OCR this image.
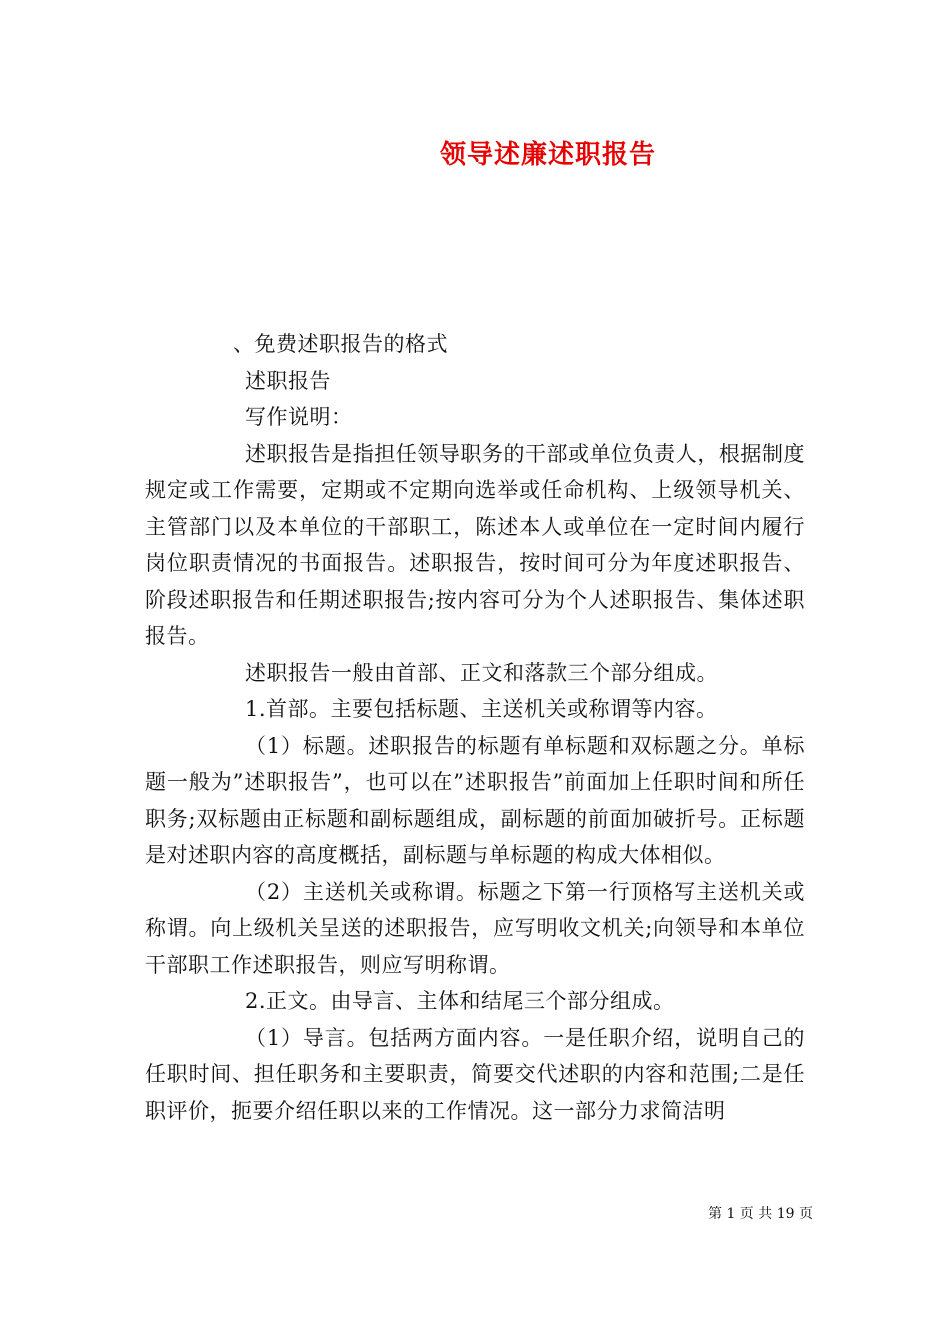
领导述廉述职报告

、免费述职报告的格式

述职报告

写作说明：

述职报告是指担任领导职务的干部或单位负责人，根据制度规定或工作需要，定期或不定期向选举或任命机构、上级领导机关、主管部门以及本单位的干部职工，陈述本人或单位在一定时间内履行岗位职责情况的书面报告。述职报告，按时间可分为年度述职报告、阶段述职报告和任期述职报告;按内容可分为个人述职报告、集体述职报告。

述职报告一般由首部、正文和落款三个部分组成。

1.首部。主要包括标题、主送机关或称谓等内容。

（1）标题。述职报告的标题有单标题和双标题之分。单标题一般为”述职报告”，也可以在”述职报告”前面加上任职时间和所任职务;双标题由正标题和副标题组成，副标题的前面加破折号。正标题是对述职内容的高度概括，副标题与单标题的构成大体相似。

（2）主送机关或称谓。标题之下第一行顶格写主送机关或称谓。向上级机关呈送的述职报告，应写明收文机关;向领导和本单位干部职工作述职报告，则应写明称谓。

2.正文。由导言、主体和结尾三个部分组成。

（1）导言。包括两方面内容。一是任职介绍，说明自己的任职时间、担任职务和主要职责，简要交代述职的内容和范围;二是任职评价，扼要介绍任职以来的工作情况。这一部分力求简洁明

第 1 页 共 19 页
